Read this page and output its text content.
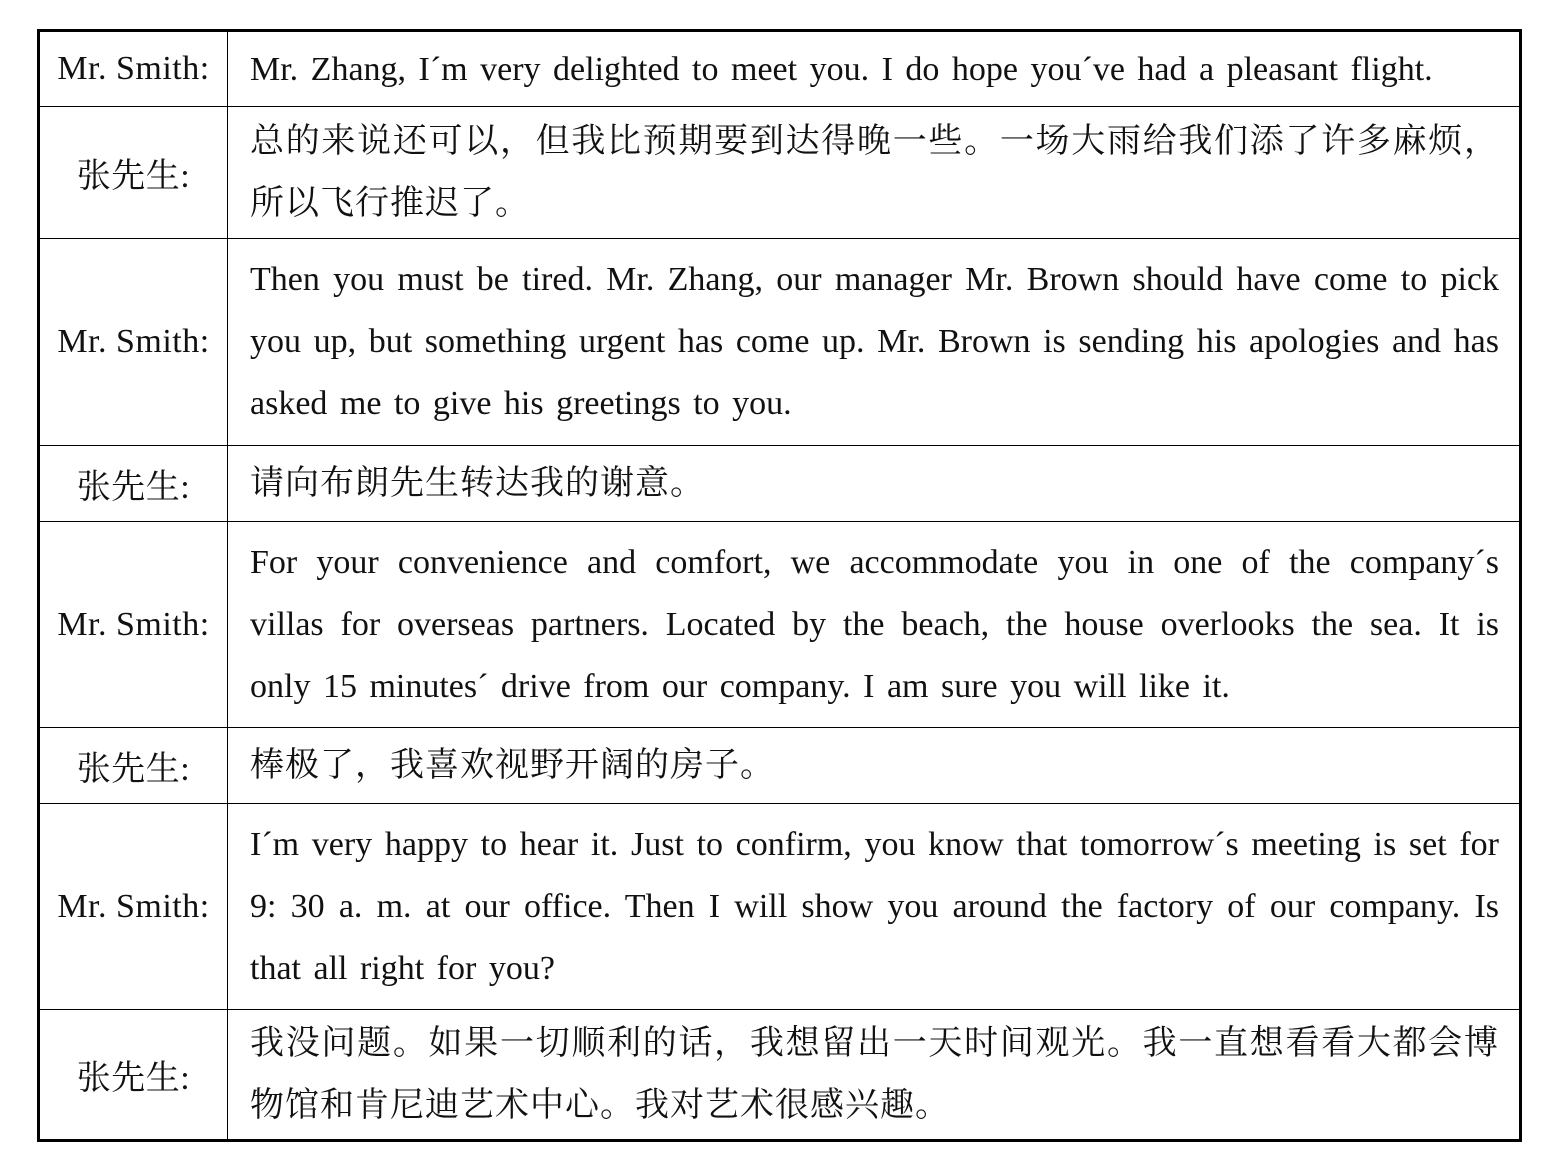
Mr. Smith:	Mr. Zhang, I´m very delighted to meet you. I do hope you´ve had a pleasant flight.
张先生:	总的来说还可以，但我比预期要到达得晚一些。一场大雨给我们添了许多麻烦，所以飞行推迟了。
Mr. Smith:	Then you must be tired. Mr. Zhang, our manager Mr. Brown should have come to pick you up, but something urgent has come up. Mr. Brown is sending his apologies and has asked me to give his greetings to you.
张先生:	请向布朗先生转达我的谢意。
Mr. Smith:	For your convenience and comfort, we accommodate you in one of the company´s villas for overseas partners. Located by the beach, the house overlooks the sea. It is only 15 minutes´ drive from our company. I am sure you will like it.
张先生:	棒极了，我喜欢视野开阔的房子。
Mr. Smith:	I´m very happy to hear it. Just to confirm, you know that tomorrow´s meeting is set for 9: 30 a. m. at our office. Then I will show you around the factory of our company. Is that all right for you?
张先生:	我没问题。如果一切顺利的话，我想留出一天时间观光。我一直想看看大都会博物馆和肯尼迪艺术中心。我对艺术很感兴趣。
